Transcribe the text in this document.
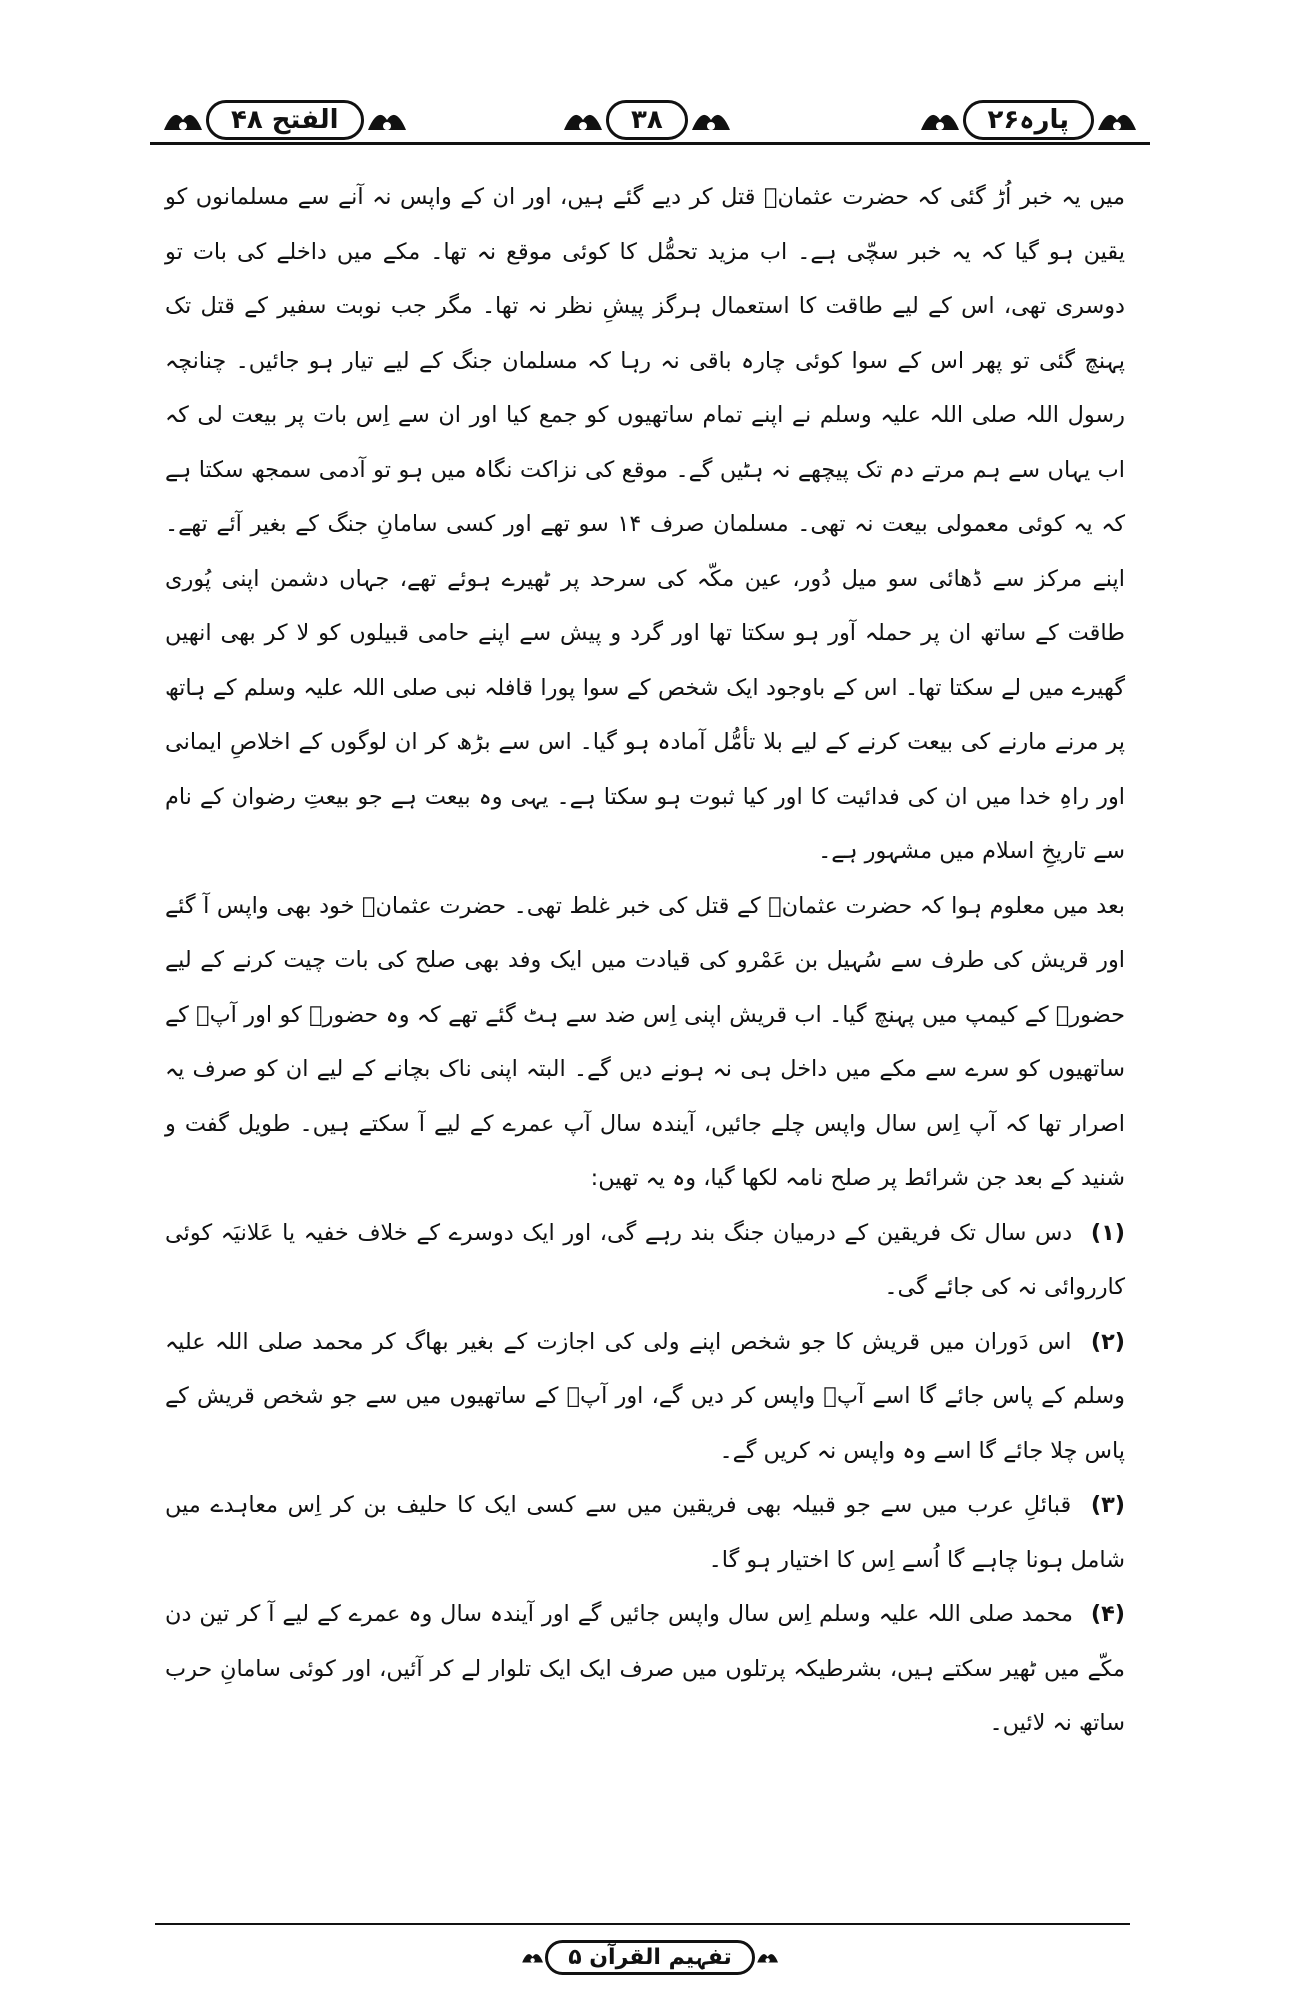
الفتح ۴۸	۳۸	پارہ۲۶

میں یہ خبر اُڑ گئی کہ حضرت عثمانؓ قتل کر دیے گئے ہیں، اور ان کے واپس نہ آنے سے مسلمانوں کو یقین ہو گیا کہ یہ خبر سچّی ہے۔ اب مزید تحمُّل کا کوئی موقع نہ تھا۔ مکے میں داخلے کی بات تو دوسری تھی، اس کے لیے طاقت کا استعمال ہرگز پیشِ نظر نہ تھا۔ مگر جب نوبت سفیر کے قتل تک پہنچ گئی تو پھر اس کے سوا کوئی چارہ باقی نہ رہا کہ مسلمان جنگ کے لیے تیار ہو جائیں۔ چنانچہ رسول اللہ صلی اللہ علیہ وسلم نے اپنے تمام ساتھیوں کو جمع کیا اور ان سے اِس بات پر بیعت لی کہ اب یہاں سے ہم مرتے دم تک پیچھے نہ ہٹیں گے۔ موقع کی نزاکت نگاہ میں ہو تو آدمی سمجھ سکتا ہے کہ یہ کوئی معمولی بیعت نہ تھی۔ مسلمان صرف ۱۴ سو تھے اور کسی سامانِ جنگ کے بغیر آئے تھے۔ اپنے مرکز سے ڈھائی سو میل دُور، عین مکّہ کی سرحد پر ٹھیرے ہوئے تھے، جہاں دشمن اپنی پُوری طاقت کے ساتھ ان پر حملہ آور ہو سکتا تھا اور گرد و پیش سے اپنے حامی قبیلوں کو لا کر بھی انھیں گھیرے میں لے سکتا تھا۔ اس کے باوجود ایک شخص کے سوا پورا قافلہ نبی صلی اللہ علیہ وسلم کے ہاتھ پر مرنے مارنے کی بیعت کرنے کے لیے بلا تأمُّل آمادہ ہو گیا۔ اس سے بڑھ کر ان لوگوں کے اخلاصِ ایمانی اور راہِ خدا میں ان کی فدائیت کا اور کیا ثبوت ہو سکتا ہے۔ یہی وہ بیعت ہے جو بیعتِ رضوان کے نام سے تاریخِ اسلام میں مشہور ہے۔

بعد میں معلوم ہوا کہ حضرت عثمانؓ کے قتل کی خبر غلط تھی۔ حضرت عثمانؓ خود بھی واپس آ گئے اور قریش کی طرف سے سُہیل بن عَمْرو کی قیادت میں ایک وفد بھی صلح کی بات چیت کرنے کے لیے حضورؐ کے کیمپ میں پہنچ گیا۔ اب قریش اپنی اِس ضد سے ہٹ گئے تھے کہ وہ حضورؐ کو اور آپؐ کے ساتھیوں کو سرے سے مکے میں داخل ہی نہ ہونے دیں گے۔ البتہ اپنی ناک بچانے کے لیے ان کو صرف یہ اصرار تھا کہ آپ اِس سال واپس چلے جائیں، آیندہ سال آپ عمرے کے لیے آ سکتے ہیں۔ طویل گفت و شنید کے بعد جن شرائط پر صلح نامہ لکھا گیا، وہ یہ تھیں:

(۱) دس سال تک فریقین کے درمیان جنگ بند رہے گی، اور ایک دوسرے کے خلاف خفیہ یا عَلانیَہ کوئی کارروائی نہ کی جائے گی۔

(۲) اس دَوران میں قریش کا جو شخص اپنے ولی کی اجازت کے بغیر بھاگ کر محمد صلی اللہ علیہ وسلم کے پاس جائے گا اسے آپؐ واپس کر دیں گے، اور آپؐ کے ساتھیوں میں سے جو شخص قریش کے پاس چلا جائے گا اسے وہ واپس نہ کریں گے۔

(۳) قبائلِ عرب میں سے جو قبیلہ بھی فریقین میں سے کسی ایک کا حلیف بن کر اِس معاہدے میں شامل ہونا چاہے گا اُسے اِس کا اختیار ہو گا۔

(۴) محمد صلی اللہ علیہ وسلم اِس سال واپس جائیں گے اور آیندہ سال وہ عمرے کے لیے آ کر تین دن مکّے میں ٹھیر سکتے ہیں، بشرطیکہ پرتلوں میں صرف ایک ایک تلوار لے کر آئیں، اور کوئی سامانِ حرب ساتھ نہ لائیں۔

تفہیم القرآن ۵
